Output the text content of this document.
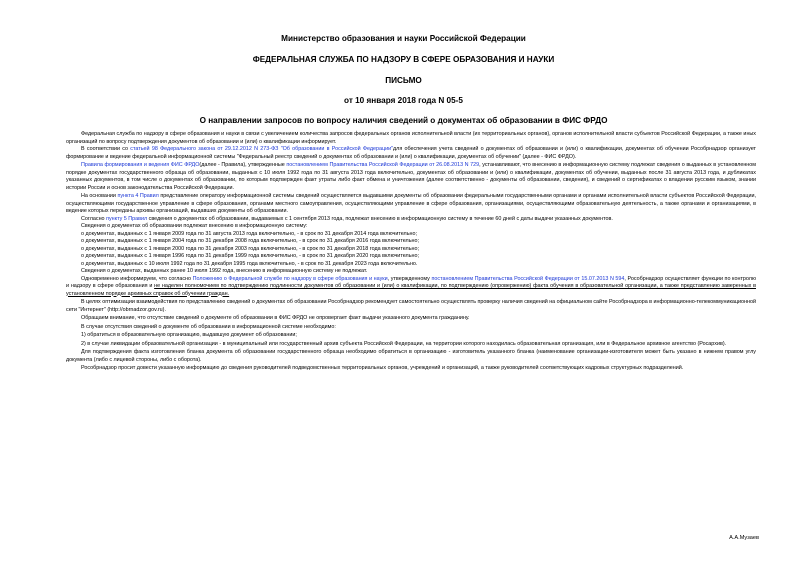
Министерство образования и науки Российской Федерации
ФЕДЕРАЛЬНАЯ СЛУЖБА ПО НАДЗОРУ В СФЕРЕ ОБРАЗОВАНИЯ И НАУКИ
ПИСЬМО
от 10 января 2018 года N 05-5
О направлении запросов по вопросу наличия сведений о документах об образовании в ФИС ФРДО

Федеральная служба по надзору в сфере образования и науки в связи с увеличением количества запросов федеральных органов исполнительной власти (их территориальных органов), органов исполнительной власти субъектов Российской Федерации, а также иных организаций по вопросу подтверждения документов об образовании и (или) о квалификации информирует.

В соответствии со статьей 98 Федерального закона от 29.12.2012 N 273-ФЗ "Об образовании в Российской Федерации"для обеспечения учета сведений о документах об образовании и (или) о квалификации, документах об обучении Рособрнадзор организует формирование и ведение федеральной информационной системы "Федеральный реестр сведений о документах об образовании и (или) о квалификации, документах об обучении" (далее - ФИС ФРДО).

Правила формирования и ведения ФИС ФРДО(далее - Правила), утвержденные постановлением Правительства Российской Федерации от 26.08.2013 N 729, устанавливают, что внесению в информационную систему подлежат сведения о выданных в установленном порядке документах государственного образца об образовании, выданных с 10 июля 1992 года по 31 августа 2013 года включительно, документах об образовании и (или) о квалификации, документах об обучении, выданных после 31 августа 2013 года, и дубликатах указанных документов, в том числе о документах об образовании, по которым подтвержден факт утраты либо факт обмена и уничтожения (далее соответственно - документы об образовании, сведения), и сведений о сертификатах о владении русским языком, знании истории России и основ законодательства Российской Федерации.

На основании пункта 4 Правил представление оператору информационной системы сведений осуществляется выдавшими документы об образовании федеральными государственными органами и органами исполнительной власти субъектов Российской Федерации, осуществляющими государственное управление в сфере образования, органами местного самоуправления, осуществляющими управление в сфере образования, организациями, осуществляющими образовательную деятельность, а также органами и организациями, в ведение которых переданы архивы организаций, выдавших документы об образовании.

Согласно пункту 5 Правил сведения о документах об образовании, выдаваемых с 1 сентября 2013 года, подлежат внесению в информационную систему в течение 60 дней с даты выдачи указанных документов.

Сведения о документах об образовании подлежат внесению в информационную систему:

о документах, выданных с 1 января 2009 года по 31 августа 2013 года включительно, - в срок по 31 декабря 2014 года включительно;

о документах, выданных с 1 января 2004 года по 31 декабря 2008 года включительно, - в срок по 31 декабря 2016 года включительно;

о документах, выданных с 1 января 2000 года по 31 декабря 2003 года включительно, - в срок по 31 декабря 2018 года включительно;

о документах, выданных с 1 января 1996 года по 31 декабря 1999 года включительно, - в срок по 31 декабря 2020 года включительно;

о документах, выданных с 10 июля 1992 года по 31 декабря 1995 года включительно, - в срок по 31 декабря 2023 года включительно.

Сведения о документах, выданных ранее 10 июля 1992 года, внесению в информационную систему не подлежат.

Одновременно информируем, что согласно Положению о Федеральной службе по надзору в сфере образования и науки, утвержденному постановлением Правительства Российской Федерации от 15.07.2013 N 594, Рособрнадзор осуществляет функции по контролю и надзору в сфере образования и не наделен полномочием по подтверждению подлинности документов об образовании и (или) о квалификации, по подтверждению (опровержению) факта обучения в образовательной организации, а также представлению заверенных в установленном порядке архивных справок об обучении граждан.

В целях оптимизации взаимодействия по представлению сведений о документах об образовании Рособрнадзор рекомендует самостоятельно осуществлять проверку наличия сведений на официальном сайте Рособрнадзора в информационно-телекоммуникационной сети "Интернет" (http://obrnadzor.gov.ru).

Обращаем внимание, что отсутствие сведений о документе об образовании в ФИС ФРДО не опровергает факт выдачи указанного документа гражданину.

В случае отсутствия сведений о документе об образовании в информационной системе необходимо:

1) обратиться в образовательную организацию, выдавшую документ об образовании;

2) в случае ликвидации образовательной организации - в муниципальный или государственный архив субъекта Российской Федерации, на территории которого находилась образовательная организация, или в Федеральное архивное агентство (Росархив).

Для подтверждения факта изготовления бланка документа об образовании государственного образца необходимо обратиться в организацию - изготовитель указанного бланка (наименование организации-изготовителя может быть указано в нижнем правом углу документа (либо с лицевой стороны, либо с оборота).

Рособрнадзор просит довести указанную информацию до сведения руководителей подведомственных территориальных органов, учреждений и организаций, а также руководителей соответствующих кадровых структурных подразделений.

А.А.Музаев
